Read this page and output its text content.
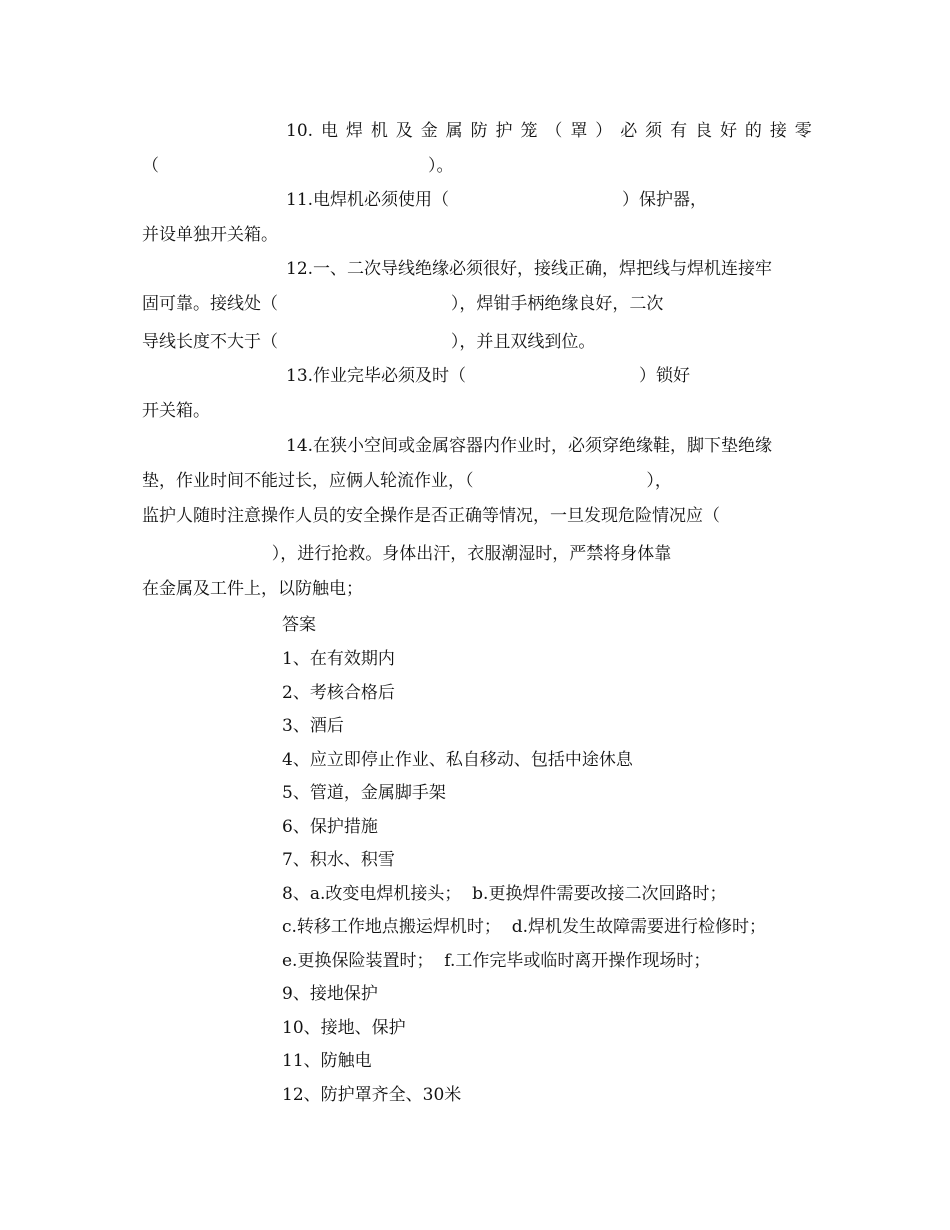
10. 电 焊 机 及 金 属 防 护 笼 （ 罩 ） 必 须 有 良 好 的 接 零
（	）。
11.电焊机必须使用（                                ）保护器，
并设单独开关箱。
12.一、二次导线绝缘必须很好，接线正确，焊把线与焊机连接牢
固可靠。接线处（                                ），焊钳手柄绝缘良好，二次
导线长度不大于（                                ），并且双线到位。
13.作业完毕必须及时（                                ）锁好
开关箱。
14.在狭小空间或金属容器内作业时，必须穿绝缘鞋，脚下垫绝缘
垫，作业时间不能过长，应俩人轮流作业，（                                ），
监护人随时注意操作人员的安全操作是否正确等情况，一旦发现危险情况应（
），进行抢救。身体出汗，衣服潮湿时，严禁将身体靠
在金属及工件上，以防触电；
答案
1、在有效期内
2、考核合格后
3、酒后
4、应立即停止作业、私自移动、包括中途休息
5、管道，金属脚手架
6、保护措施
7、积水、积雪
8、a.改变电焊机接头；  b.更换焊件需要改接二次回路时；
c.转移工作地点搬运焊机时；  d.焊机发生故障需要进行检修时；
e.更换保险装置时；  f.工作完毕或临时离开操作现场时；
9、接地保护
10、接地、保护
11、防触电
12、防护罩齐全、30米
